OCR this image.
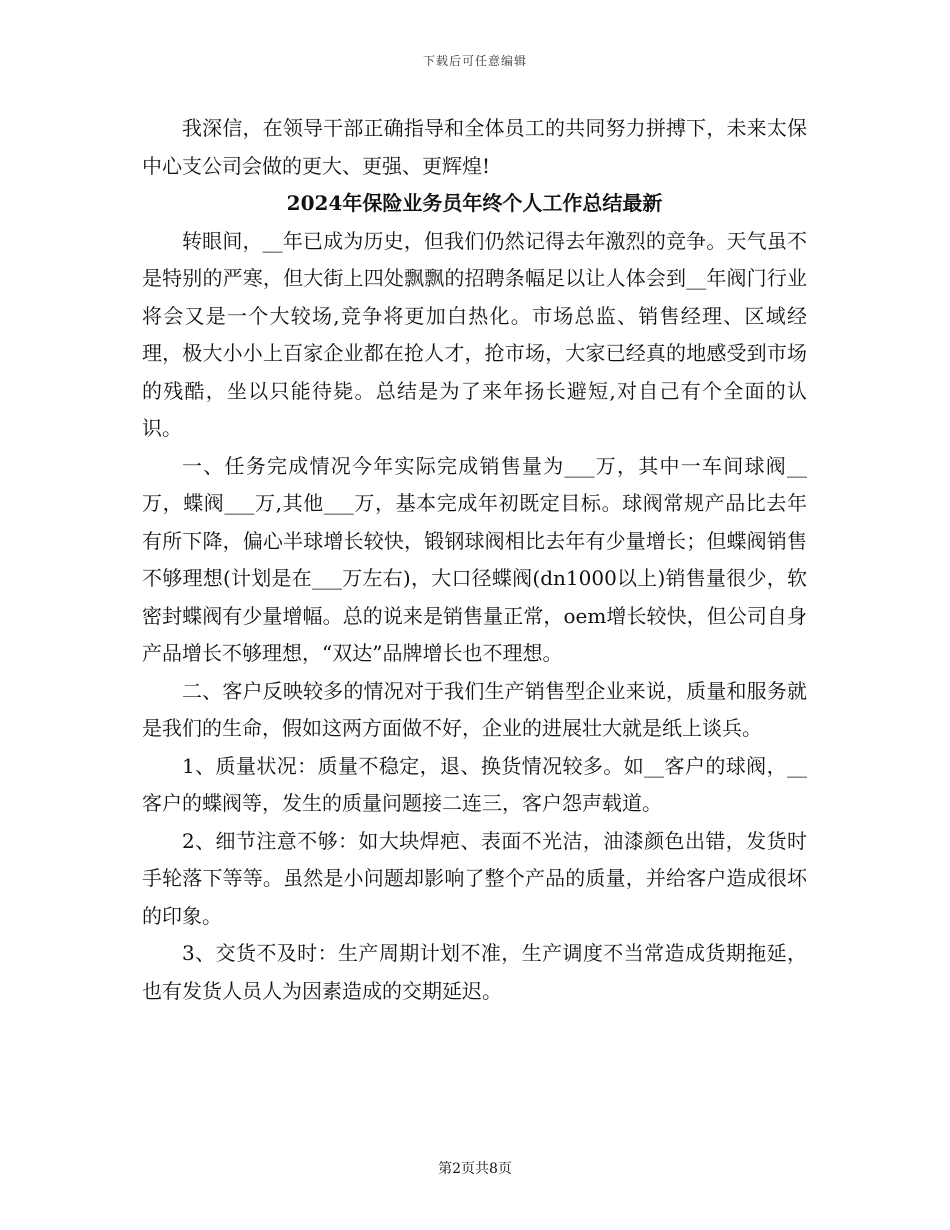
下载后可任意编辑

我深信，在领导干部正确指导和全体员工的共同努力拼搏下，未来太保中心支公司会做的更大、更强、更辉煌!

2024年保险业务员年终个人工作总结最新

转眼间，__年已成为历史，但我们仍然记得去年激烈的竞争。天气虽不是特别的严寒，但大街上四处飘飘的招聘条幅足以让人体会到__年阀门行业将会又是一个大较场,竞争将更加白热化。市场总监、销售经理、区域经理，极大小小上百家企业都在抢人才，抢市场，大家已经真的地感受到市场的残酷，坐以只能待毙。总结是为了来年扬长避短,对自己有个全面的认识。

一、任务完成情况今年实际完成销售量为___万，其中一车间球阀__万，蝶阀___万,其他___万，基本完成年初既定目标。球阀常规产品比去年有所下降，偏心半球增长较快，锻钢球阀相比去年有少量增长；但蝶阀销售不够理想(计划是在___万左右)，大口径蝶阀(dn1000以上)销售量很少，软密封蝶阀有少量增幅。总的说来是销售量正常，oem增长较快，但公司自身产品增长不够理想，“双达”品牌增长也不理想。

二、客户反映较多的情况对于我们生产销售型企业来说，质量和服务就是我们的生命，假如这两方面做不好，企业的进展壮大就是纸上谈兵。

1、质量状况：质量不稳定，退、换货情况较多。如__客户的球阀，__客户的蝶阀等，发生的质量问题接二连三，客户怨声载道。

2、细节注意不够：如大块焊疤、表面不光洁，油漆颜色出错，发货时手轮落下等等。虽然是小问题却影响了整个产品的质量，并给客户造成很坏的印象。

3、交货不及时：生产周期计划不准，生产调度不当常造成货期拖延，也有发货人员人为因素造成的交期延迟。

第2页共8页
